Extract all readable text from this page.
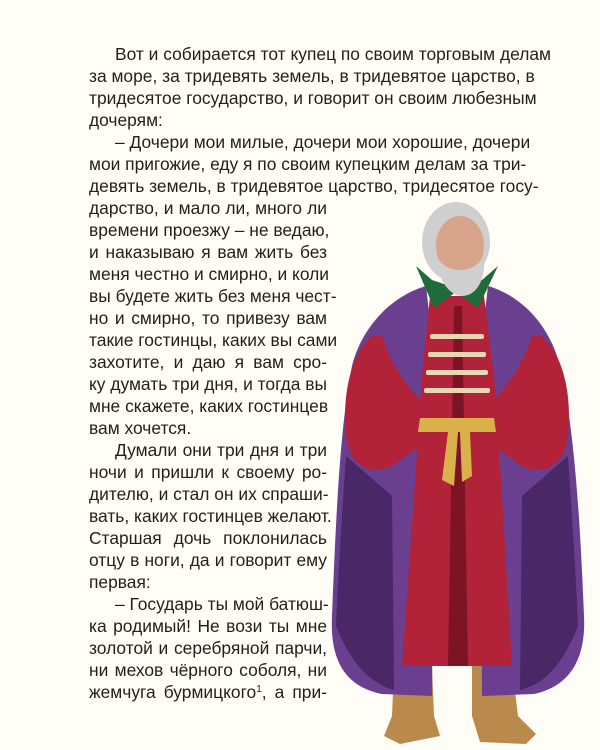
Вот и собирается тот купец по своим торговым делам

за море, за тридевять земель, в тридевятое царство, в

тридесятое государство, и говорит он своим любезным

дочерям:

– Дочери мои милые, дочери мои хорошие, дочери

мои пригожие, еду я по своим купецким делам за три-

девять земель, в тридевятое царство, тридесятое госу-

дарство, и мало ли, много ли

времени проезжу – не ведаю,

и наказываю я вам жить без

меня честно и смирно, и коли

вы будете жить без меня чест-

но и смирно, то привезу вам

такие гостинцы, каких вы сами

захотите, и даю я вам сро-

ку думать три дня, и тогда вы

мне скажете, каких гостинцев

вам хочется.

Думали они три дня и три

ночи и пришли к своему ро-

дителю, и стал он их спраши-

вать, каких гостинцев желают.

Старшая дочь поклонилась

отцу в ноги, да и говорит ему

первая:

– Государь ты мой батюш-

ка родимый! Не вози ты мне

золотой и серебряной парчи,

ни мехов чёрного соболя, ни

жемчуга бурмицкого$^1$, а при-
